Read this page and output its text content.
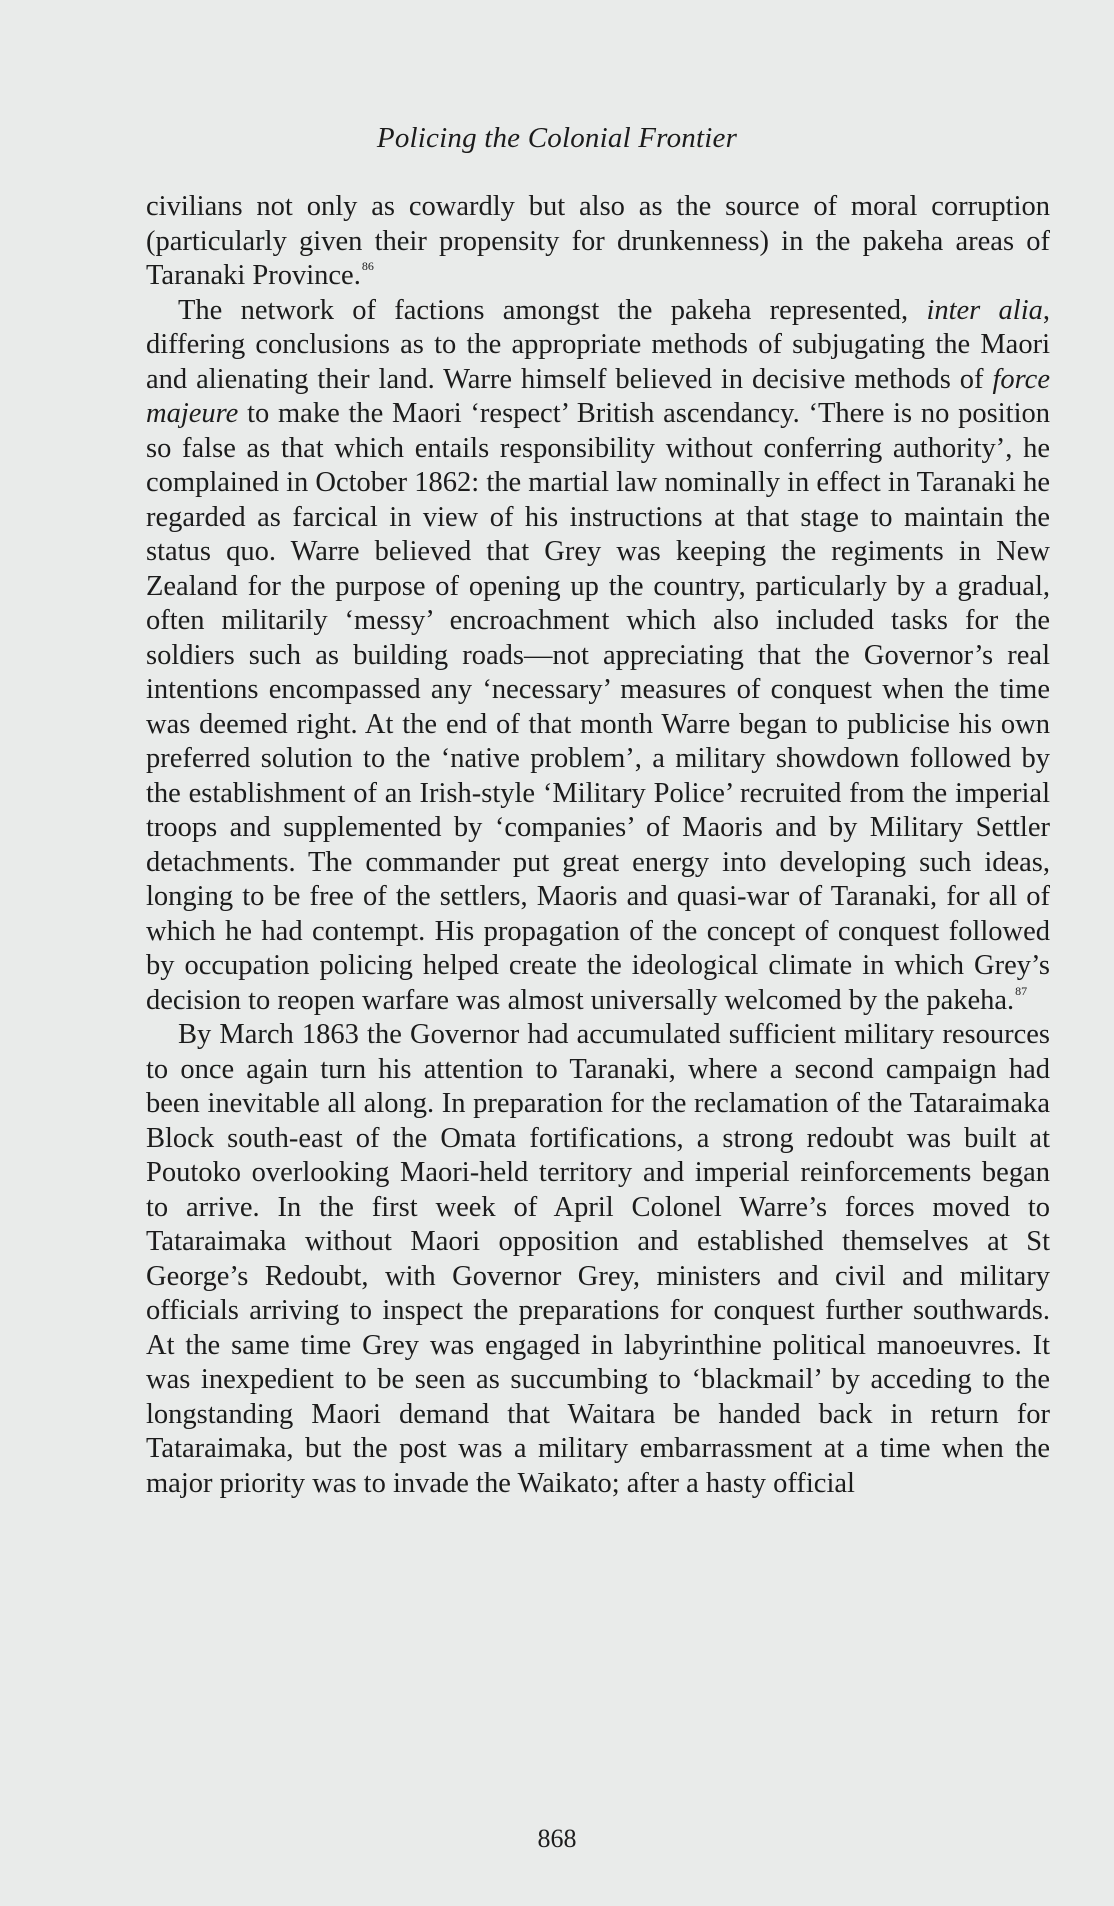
Policing the Colonial Frontier

civilians not only as cowardly but also as the source of moral corruption (particularly given their propensity for drunkenness) in the pakeha areas of Taranaki Province.$^{86}$

The network of factions amongst the pakeha represented, inter alia, differing conclusions as to the appropriate methods of subjugating the Maori and alienating their land. Warre himself believed in decisive methods of force majeure to make the Maori ‘respect’ British ascendancy. ‘There is no position so false as that which entails responsibility without conferring authority’, he complained in October 1862: the martial law nominally in effect in Taranaki he regarded as farcical in view of his instructions at that stage to maintain the status quo. Warre believed that Grey was keeping the regiments in New Zealand for the purpose of opening up the country, particularly by a gradual, often militarily ‘messy’ encroachment which also included tasks for the soldiers such as building roads—not appreciating that the Governor’s real intentions encompassed any ‘necessary’ measures of conquest when the time was deemed right. At the end of that month Warre began to publicise his own preferred solution to the ‘native problem’, a military showdown followed by the establishment of an Irish-style ‘Military Police’ recruited from the imperial troops and supplemented by ‘companies’ of Maoris and by Military Settler detachments. The commander put great energy into developing such ideas, longing to be free of the settlers, Maoris and quasi-war of Taranaki, for all of which he had contempt. His propagation of the concept of conquest followed by occupation policing helped create the ideological climate in which Grey’s decision to reopen warfare was almost universally welcomed by the pakeha.$^{87}$

By March 1863 the Governor had accumulated sufficient military resources to once again turn his attention to Taranaki, where a second campaign had been inevitable all along. In preparation for the reclamation of the Tataraimaka Block south-east of the Omata fortifications, a strong redoubt was built at Poutoko overlooking Maori-held territory and imperial reinforcements began to arrive. In the first week of April Colonel Warre’s forces moved to Tataraimaka without Maori opposition and established themselves at St George’s Redoubt, with Governor Grey, ministers and civil and military officials arriving to inspect the preparations for conquest further southwards. At the same time Grey was engaged in labyrinthine political manoeuvres. It was inexpedient to be seen as succumbing to ‘blackmail’ by acceding to the longstanding Maori demand that Waitara be handed back in return for Tataraimaka, but the post was a military embarrassment at a time when the major priority was to invade the Waikato; after a hasty official

868
